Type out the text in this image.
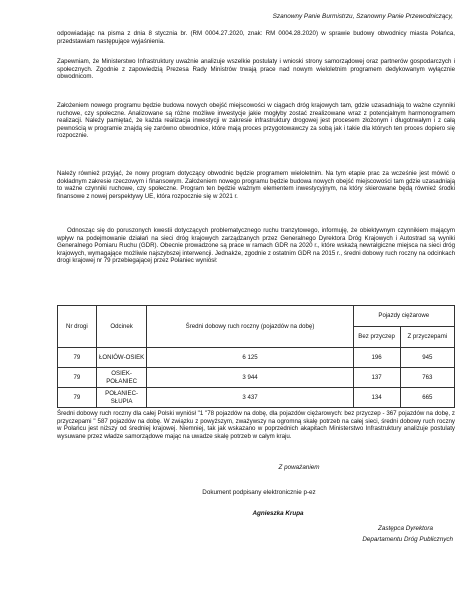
Szanowny Panie Burmistrzu, Szanowny Panie Przewodniczący,

odpowiadając na pisma z dnia 8 stycznia br. (RM 0004.27.2020, znak: RM 0004.28.2020) w sprawie budowy obwodnicy miasta Połańca, przedstawiam następujące wyjaśnienia.

Zapewniam, że Ministerstwo Infrastruktury uważnie analizuje wszelkie postulaty i wnioski strony samorządowej oraz partnerów gospodarczych i społecznych. Zgodnie z zapowiedzią Prezesa Rady Ministrów trwają prace nad nowym wieloletnim programem dedykowanym wyłącznie obwodnicom.

Założeniem nowego programu będzie budowa nowych obejść miejscowości w ciągach dróg krajowych tam, gdzie uzasadniają to ważne czynniki ruchowe, czy społeczne. Analizowane są różne możliwe inwestycje jakie mogłyby zostać zrealizowane wraz z potencjalnym harmonogramem realizacji. Należy pamiętać, że każda realizacja inwestycji w zakresie infrastruktury drogowej jest procesem złożonym i długotrwałym i z całą pewnością w programie znajdą się zarówno obwodnice, które mają proces przygotowawczy za sobą jak i takie dla których ten proces dopiero się rozpocznie.

Należy również przyjąć, że nowy program dotyczący obwodnic będzie programem wieloletnim. Na tym etapie prac za wcześnie jest mówić o dokładnym zakresie rzeczowym i finansowym. Założeniem nowego programu będzie budowa nowych obejść miejscowości tam gdzie uzasadniają to ważne czynniki ruchowe, czy społeczne. Program ten będzie ważnym elementem inwestycyjnym, na który skierowane będą również środki finansowe z nowej perspektywy UE, która rozpocznie się w 2021 r.

Odnosząc się do poruszonych kwestii dotyczących problematycznego ruchu tranzytowego, informuję, że obiektywnym czynnikiem mającym wpływ na podejmowanie działań na sieci dróg krajowych zarządzanych przez Generalnego Dyrektora Dróg Krajowych i Autostrad są wyniki Generalnego Pomiaru Ruchu (GDR). Obecnie prowadzone są prace w ramach GDR na 2020 r., które wskażą newralgiczne miejsca na sieci dróg krajowych, wymagające możliwie najszybszej interwencji. Jednakże, zgodnie z ostatnim GDR na 2015 r., średni dobowy ruch roczny na odcinkach drogi krajowej nr 79 przebiegającej przez Połaniec wyniósł:

Nr drogi	Odcinek	Średni dobowy ruch roczny (pojazdów na dobę)	Pojazdy ciężarowe	
			Bez przyczep	Z przyczepami
79	ŁONIÓW-OSIEK	6 125	196	945
79	OSIEK-POŁANIEC	3 944	137	763
79	POŁANIEC-SŁUPIA	3 437	134	665

Średni dobowy ruch roczny dla całej Polski wyniósł "1 "78 pojazdów na dobę, dla pojazdów ciężarowych: bez przyczep - 367 pojazdów na dobę, z przyczepami " 587 pojazdów na dobę. W związku z powyższym, zważywszy na ogromną skalę potrzeb na całej sieci, średni dobowy ruch roczny w Połańcu jest niższy od średniej krajowej. Niemniej, tak jak wskazano w poprzednich akapitach Ministerstwo Infrastruktury analizuje postulaty wysuwane przez władze samorządowe mając na uwadze skalę potrzeb w całym kraju.

Z poważaniem
Dokument podpisany elektronicznie p-ez
Agnieszka Krupa
Zastępca Dyrektora
Departamentu Dróg Publicznych
